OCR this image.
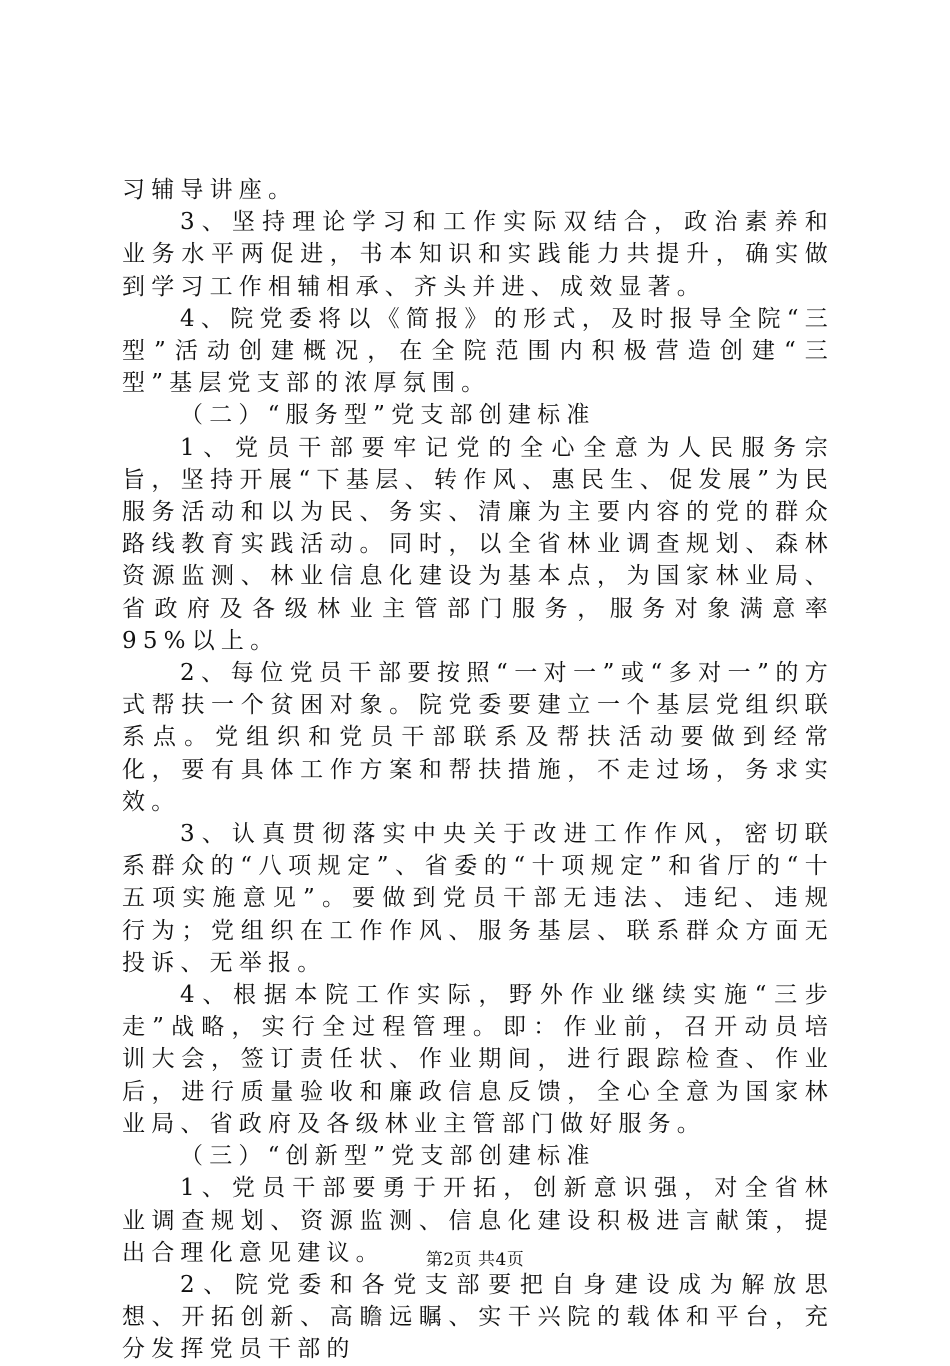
习辅导讲座。

3、坚持理论学习和工作实际双结合，政治素养和业务水平两促进，书本知识和实践能力共提升，确实做到学习工作相辅相承、齐头并进、成效显著。

4、院党委将以《简报》的形式，及时报导全院“三型”活动创建概况，在全院范围内积极营造创建“三型”基层党支部的浓厚氛围。

（二）“服务型”党支部创建标准

1、党员干部要牢记党的全心全意为人民服务宗旨，坚持开展“下基层、转作风、惠民生、促发展”为民服务活动和以为民、务实、清廉为主要内容的党的群众路线教育实践活动。同时，以全省林业调查规划、森林资源监测、林业信息化建设为基本点，为国家林业局、省政府及各级林业主管部门服务，服务对象满意率95%以上。

2、每位党员干部要按照“一对一”或“多对一”的方式帮扶一个贫困对象。院党委要建立一个基层党组织联系点。党组织和党员干部联系及帮扶活动要做到经常化，要有具体工作方案和帮扶措施，不走过场，务求实效。

3、认真贯彻落实中央关于改进工作作风，密切联系群众的“八项规定”、省委的“十项规定”和省厅的“十五项实施意见”。要做到党员干部无违法、违纪、违规行为；党组织在工作作风、服务基层、联系群众方面无投诉、无举报。

4、根据本院工作实际，野外作业继续实施“三步走”战略，实行全过程管理。即：作业前，召开动员培训大会，签订责任状、作业期间，进行跟踪检查、作业后，进行质量验收和廉政信息反馈，全心全意为国家林业局、省政府及各级林业主管部门做好服务。

（三）“创新型”党支部创建标准

1、党员干部要勇于开拓，创新意识强，对全省林业调查规划、资源监测、信息化建设积极进言献策，提出合理化意见建议。

2、院党委和各党支部要把自身建设成为解放思想、开拓创新、高瞻远瞩、实干兴院的载体和平台，充分发挥党员干部的

第2页 共4页
